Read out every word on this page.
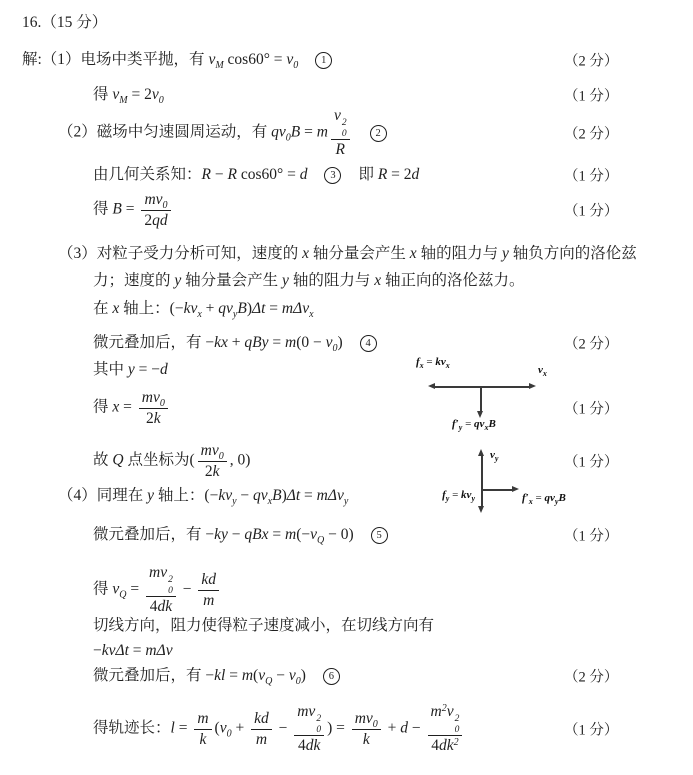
16.（15 分）
解:（1）电场中类平抛，有 $v_M$ $\cos 60^\circ = v_0$ 1	（2 分）
得 $v_M = 2v_0$	（1 分）
（2）磁场中匀速圆周运动，有 $qv_0B = m$ v 2
0
R 2	（2 分）
由几何关系知：R − R cos60° = d 3 即 R = 2d	（1 分）
得 $B = \frac{mv_0}{2qd}$	（1 分）
（3）对粒子受力分析可知，速度的 x 轴分量会产生 x 轴的阻力与 y 轴负方向的洛伦兹
力；速度的 y 轴分量会产生 y 轴的阻力与 x 轴正向的洛伦兹力。
在 x 轴上：$(-kv_x + qv_yB)\Delta t = m\Delta v_x$
微元叠加后，有 −kx + qBy = $m(0 - v_0)$ 4	（2 分）
其中 y = −d
得 $x = \frac{mv_0}{2k}$	（1 分）
故 Q 点坐标为( $\frac{mv_0}{2k}$ , 0)	（1 分）
（4）同理在 y 轴上：$(-kv_y - qv_xB)\Delta t = m\Delta v_y$
微元叠加后，有 −ky − qBx = $m(-v_Q - 0)$ 5	（1 分）
得 $v_Q$ = mv 2
0
$4dk - \frac{kd}{m}$
切线方向，阻力使得粒子速度减小，在切线方向有
−kvΔt = mΔv
微元叠加后，有 $-kl = m(v_Q - v_0)$ 6	（2 分）
得轨迹长：$l = \frac{m}{k} (v_0 + \frac{kd}{m}$ − mv 2
0
4dk ) = $\frac{mv_0}{k} + d - m^2v$ 2
0
$4dk^2$	（1 分）
$f_x = kv_x$	$v_x$
$f'_y = qv_xB$
$v_y$
$f_y = kv_y$	$f'_x = qv_yB$
